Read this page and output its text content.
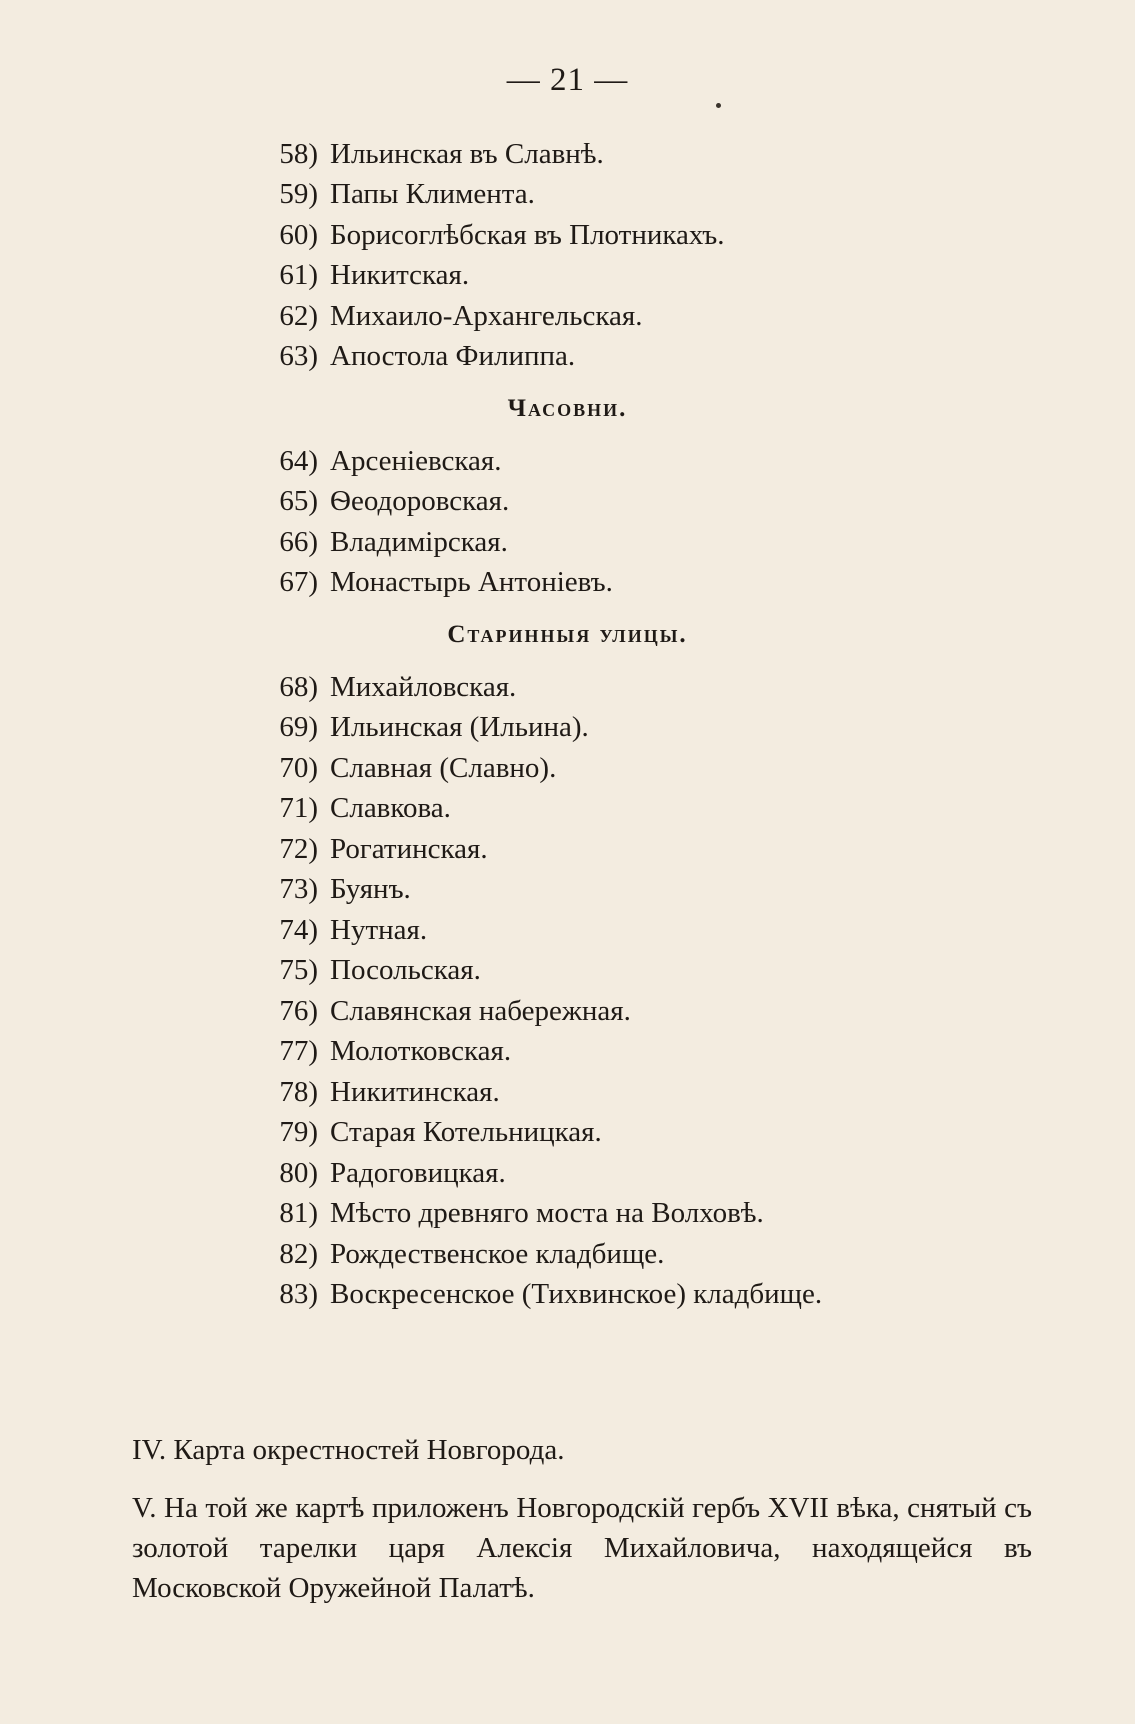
— 21 —
58) Ильинская въ Славнѣ.
59) Папы Климента.
60) Борисоглѣбская въ Плотникахъ.
61) Никитская.
62) Михаило-Архангельская.
63) Апостола Филиппа.
Часовни.
64) Арсеніевская.
65) Ѳеодоровская.
66) Владимірская.
67) Монастырь Антоніевъ.
Старинныя улицы.
68) Михайловская.
69) Ильинская (Ильина).
70) Славная (Славно).
71) Славкова.
72) Рогатинская.
73) Буянъ.
74) Нутная.
75) Посольская.
76) Славянская набережная.
77) Молотковская.
78) Никитинская.
79) Старая Котельницкая.
80) Радоговицкая.
81) Мѣсто древняго моста на Волховѣ.
82) Рождественское кладбище.
83) Воскресенское (Тихвинское) кладбище.
IV. Карта окрестностей Новгорода.
V. На той же картѣ приложенъ Новгородскій гербъ XVII вѣка, снятый съ золотой тарелки царя Алексія Михайловича, находящейся въ Московской Оружейной Палатѣ.
